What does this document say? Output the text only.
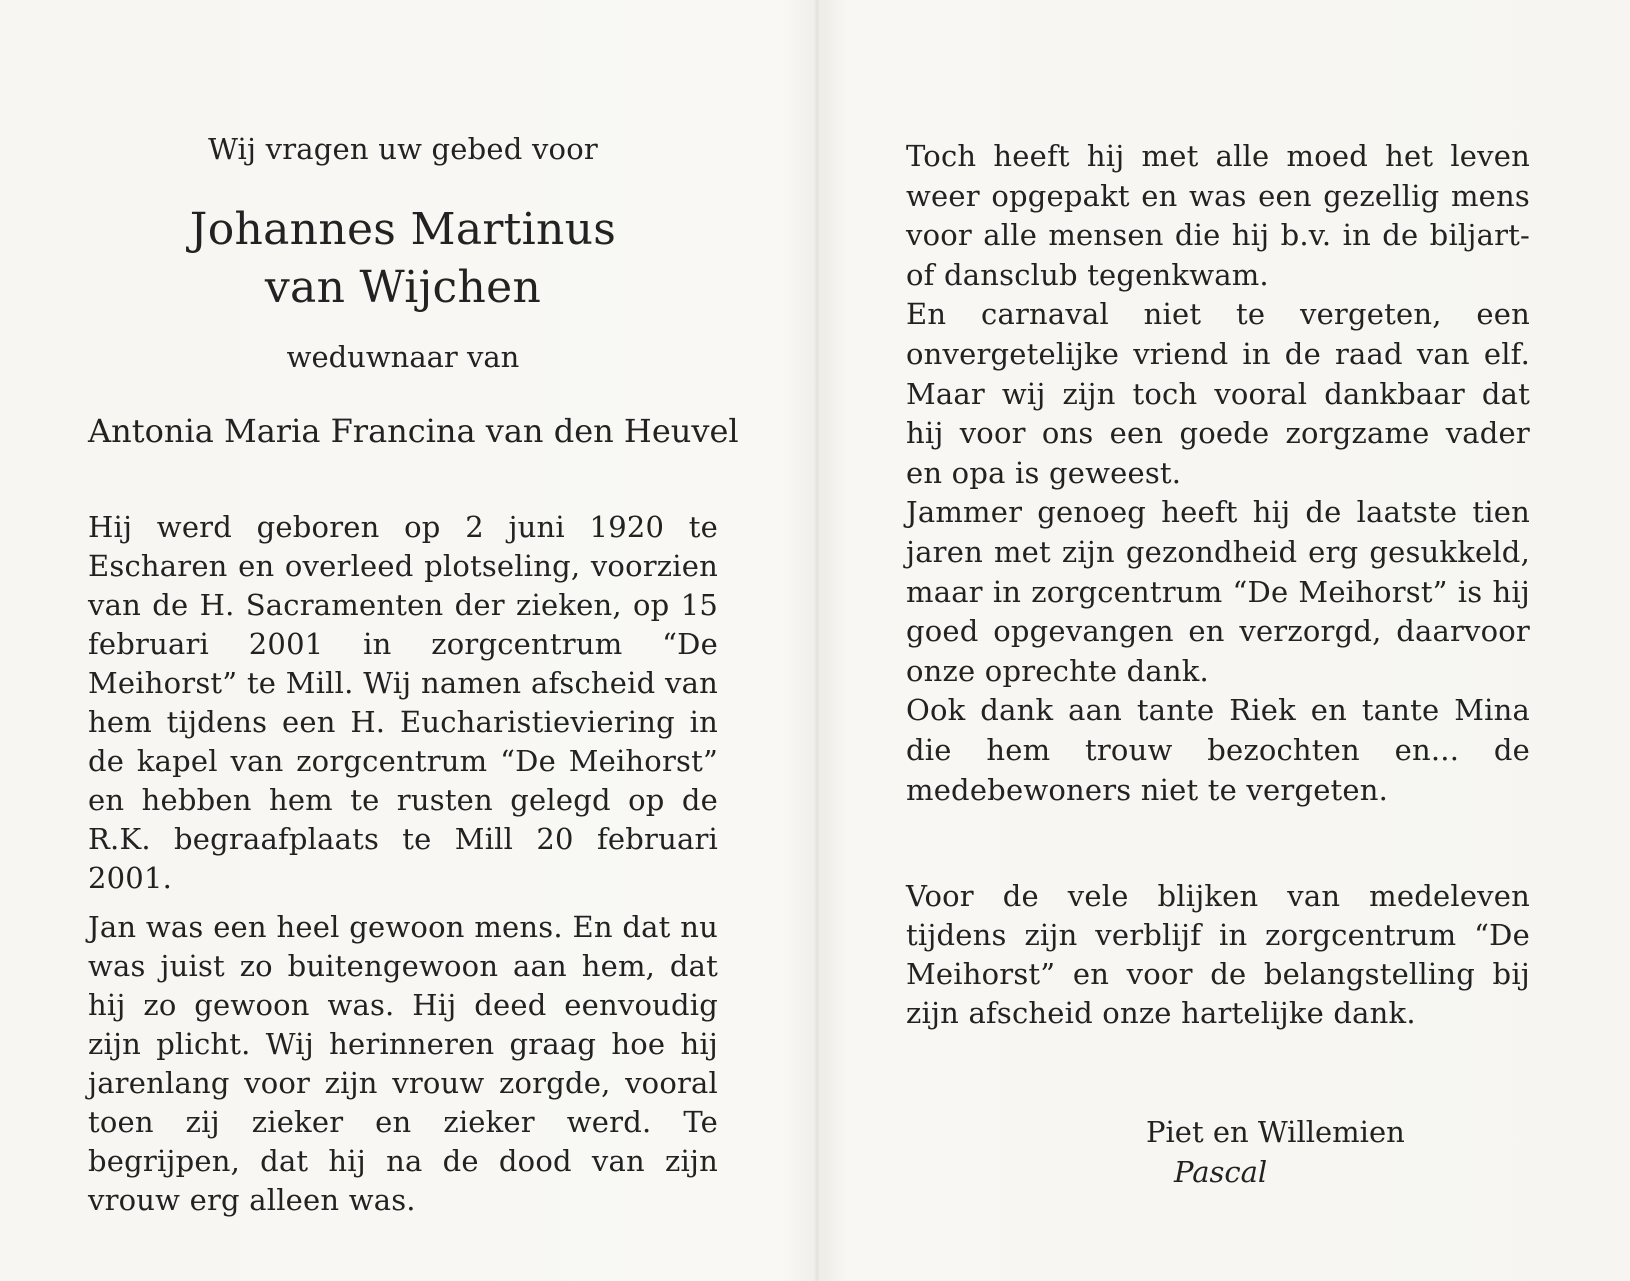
Wij vragen uw gebed voor
Johannes Martinus
van Wijchen
weduwnaar van
Antonia Maria Francina van den Heuvel
Hij werd geboren op 2 juni 1920 te Escharen en overleed plotseling, voorzien van de H. Sacramenten der zieken, op 15 februari 2001 in zorgcentrum “De Meihorst” te Mill. Wij namen afscheid van hem tijdens een H. Eucharistieviering in de kapel van zorgcentrum “De Meihorst” en hebben hem te rusten gelegd op de R.K. begraafplaats te Mill 20 februari 2001.
Jan was een heel gewoon mens. En dat nu was juist zo buitengewoon aan hem, dat hij zo gewoon was. Hij deed eenvoudig zijn plicht. Wij herinneren graag hoe hij jarenlang voor zijn vrouw zorgde, vooral toen zij zieker en zieker werd. Te begrijpen, dat hij na de dood van zijn vrouw erg alleen was.

Toch heeft hij met alle moed het leven weer opgepakt en was een gezellig mens voor alle mensen die hij b.v. in de biljart- of dansclub tegenkwam.

En carnaval niet te vergeten, een onvergetelijke vriend in de raad van elf. Maar wij zijn toch vooral dankbaar dat hij voor ons een goede zorgzame vader en opa is geweest.

Jammer genoeg heeft hij de laatste tien jaren met zijn gezondheid erg gesukkeld, maar in zorgcentrum “De Meihorst” is hij goed opgevangen en verzorgd, daarvoor onze oprechte dank.

Ook dank aan tante Riek en tante Mina die hem trouw bezochten en... de medebewoners niet te vergeten.

Voor de vele blijken van medeleven tijdens zijn verblijf in zorgcentrum “De Meihorst” en voor de belangstelling bij zijn afscheid onze hartelijke dank.
Piet en Willemien
Pascal
